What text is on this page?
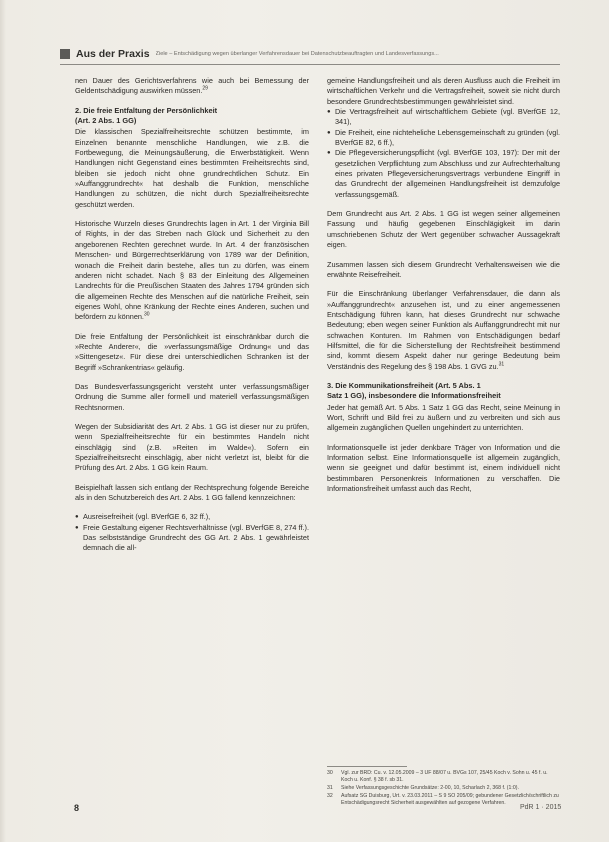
Aus der Praxis Ziele – Entschädigung wegen überlanger Verfahrensdauer bei Datenschutzbeauftragten und Landesverfassungs...

nen Dauer des Gerichtsverfahrens wie auch bei Bemessung der Geldentschädigung auswirken müssen.$^{29}$

2. Die freie Entfaltung der Persönlichkeit
(Art. 2 Abs. 1 GG)

Die klassischen Spezialfreiheitsrechte schützen bestimmte, im Einzelnen benannte menschliche Handlungen, wie z.B. die Fortbewegung, die Meinungsäußerung, die Erwerbstätigkeit. Wenn Handlungen nicht Gegenstand eines bestimmten Freiheitsrechts sind, bleiben sie jedoch nicht ohne grundrechtlichen Schutz. Ein »Auffanggrundrecht« hat deshalb die Funktion, menschliche Handlungen zu schützen, die nicht durch Spezialfreiheitsrechte geschützt werden.

Historische Wurzeln dieses Grundrechts lagen in Art. 1 der Virginia Bill of Rights, in der das Streben nach Glück und Sicherheit zu den angeborenen Rechten gerechnet wurde. In Art. 4 der französischen Menschen- und Bürgerrechtserklärung von 1789 war der Definition, wonach die Freiheit darin bestehe, alles tun zu dürfen, was einem anderen nicht schadet. Nach § 83 der Einleitung des Allgemeinen Landrechts für die Preußischen Staaten des Jahres 1794 gründen sich die allgemeinen Rechte des Menschen auf die natürliche Freiheit, sein eigenes Wohl, ohne Kränkung der Rechte eines Anderen, suchen und befördern zu können.$^{30}$

Die freie Entfaltung der Persönlichkeit ist einschränkbar durch die »Rechte Anderer«, die »verfassungsmäßige Ordnung« und das »Sittengesetz«. Für diese drei unterschiedlichen Schranken ist der Begriff »Schrankentrias« geläufig.

Das Bundesverfassungsgericht versteht unter verfassungsmäßiger Ordnung die Summe aller formell und materiell verfassungsmäßigen Rechtsnormen.

Wegen der Subsidiarität des Art. 2 Abs. 1 GG ist dieser nur zu prüfen, wenn Spezialfreiheitsrechte für ein bestimmtes Handeln nicht einschlägig sind (z.B. »Reiten im Walde«). Sofern ein Spezialfreiheitsrecht einschlägig, aber nicht verletzt ist, bleibt für die Prüfung des Art. 2 Abs. 1 GG kein Raum.

Beispielhaft lassen sich entlang der Rechtsprechung folgende Bereiche als in den Schutzbereich des Art. 2 Abs. 1 GG fallend kennzeichnen:

● Ausreisefreiheit (vgl. BVerfGE 6, 32 ff.),
● Freie Gestaltung eigener Rechtsverhältnisse (vgl. BVerfGE 8, 274 ff.). Das selbstständige Grundrecht des GG Art. 2 Abs. 1 gewährleistet demnach die all-

gemeine Handlungsfreiheit und als deren Ausfluss auch die Freiheit im wirtschaftlichen Verkehr und die Vertragsfreiheit, soweit sie nicht durch besondere Grundrechtsbestimmungen gewährleistet sind.

● Die Vertragsfreiheit auf wirtschaftlichem Gebiete (vgl. BVerfGE 12, 341),
● Die Freiheit, eine nichteheliche Lebensgemeinschaft zu gründen (vgl. BVerfGE 82, 6 ff.),
● Die Pflegeversicherungspflicht (vgl. BVerfGE 103, 197): Der mit der gesetzlichen Verpflichtung zum Abschluss und zur Aufrechterhaltung eines privaten Pflegeversicherungsvertrags verbundene Eingriff in das Grundrecht der allgemeinen Handlungsfreiheit ist demzufolge verfassungsgemäß.

Dem Grundrecht aus Art. 2 Abs. 1 GG ist wegen seiner allgemeinen Fassung und häufig gegebenen Einschlägigkeit im darin umschriebenen Schutz der Wert gegenüber schwacher Aussagekraft eigen.

Zusammen lassen sich diesem Grundrecht Verhaltensweisen wie die erwähnte Reisefreiheit.

Für die Einschränkung überlanger Verfahrensdauer, die dann als »Auffanggrundrecht« anzusehen ist, und zu einer angemessenen Entschädigung führen kann, hat dieses Grundrecht nur schwache Bedeutung; eben wegen seiner Funktion als Auffanggrundrecht mit nur schwachen Konturen. Im Rahmen von Entschädigungen bedarf Hilfsmittel, die für die Sicherstellung der Rechtsfreiheit bestimmend sind, kommt diesem Aspekt daher nur geringe Bedeutung beim Verständnis des Regelung des § 198 Abs. 1 GVG zu.$^{31}$

3. Die Kommunikationsfreiheit (Art. 5 Abs. 1
Satz 1 GG), insbesondere die Informationsfreiheit

Jeder hat gemäß Art. 5 Abs. 1 Satz 1 GG das Recht, seine Meinung in Wort, Schrift und Bild frei zu äußern und zu verbreiten und sich aus allgemein zugänglichen Quellen ungehindert zu unterrichten.

Informationsquelle ist jeder denkbare Träger von Information und die Information selbst. Eine Informationsquelle ist allgemein zugänglich, wenn sie geeignet und dafür bestimmt ist, einem individuell nicht bestimmbaren Personenkreis Informationen zu verschaffen. Die Informationsfreiheit umfasst auch das Recht,

30	Vgl. zur BRD: Cu. v. 12.05.2009 – 3 UF 88/07 u. BVGs 107, 25/45 Koch v. Sohn u. 45 f. u. Koch u. Konf. § 38 f. sb 31.
31	Siehe Verfassungsgeschichte Grundsätze: 2-00, 10, Scharlach 2, 368 f. (1:0).
32	Aufsatz SG Duisburg, Urt. v. 23.03.2011 – S 9 SO 205/09; gebundener Gesetzlich/schriftlich zu Entschädigungsrecht Sicherheit ausgewählten auf gezogene Verfahren.
8	PdR 1 · 2015
